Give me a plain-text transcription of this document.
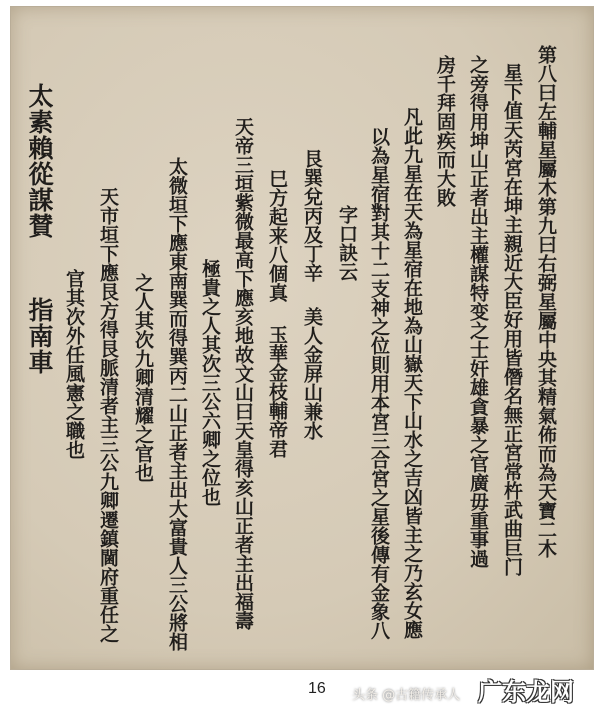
第八曰左輔星屬木第九曰右弼星屬中央其精氣佈而為天寶二木
星下值天芮宮在坤主親近大臣好用皆僭名無正宮常杵武曲巨门
之旁得用坤山正者出主權謀特变之士奸雄貪暴之官廣毋重事過
房千拜固疾而大敗
凡此九星在天為星宿在地為山嶽天下山水之吉凶皆主之乃玄女應
以為星宿對其十二支神之位則用本宮三合宮之星後傳有金象八
字口訣云
艮巽兌丙及丁辛
美人金屏山兼水
巳方起来八個真
玉華金枝輔帝君
天帝三垣紫微最高下應亥地故文山曰天皇得亥山正者主出福壽
極貴之人其次三公六卿之位也
太微垣下應東南巽而得巽丙二山正者主出大富貴人三公將相
之人其次九卿清耀之官也
天市垣下應艮方得艮脈清者主三公九卿遷鎮閫府重任之
官其次外任風憲之職也
太素賴從謀賛
指南車
16 头条 @古籍传承人 广东龙网
